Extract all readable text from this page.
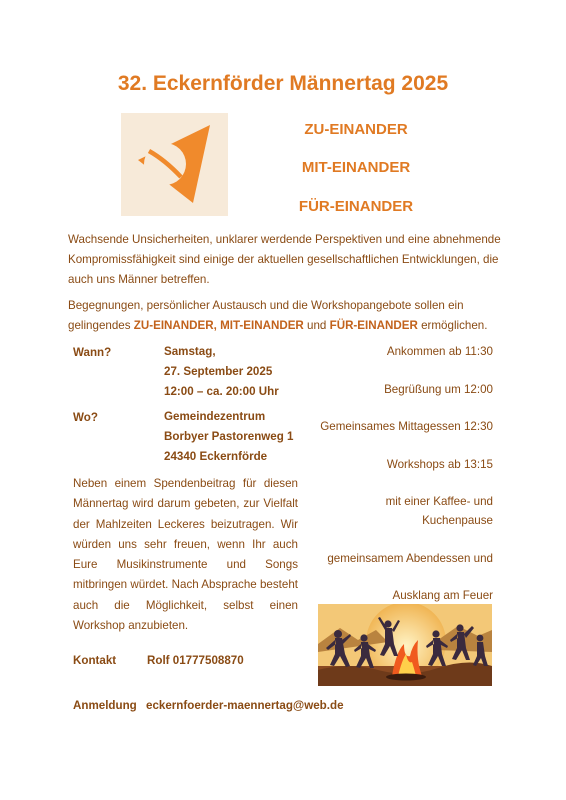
32. Eckernförder Männertag 2025
ZU-EINANDER
MIT-EINANDER
FÜR-EINANDER
Wachsende Unsicherheiten, unklarer werdende Perspektiven und eine abnehmende Kompromissfähigkeit sind einige der aktuellen gesellschaftlichen Entwicklungen, die auch uns Männer betreffen.
Begegnungen, persönlicher Austausch und die Workshopangebote sollen ein gelingendes ZU-EINANDER, MIT-EINANDER und FÜR-EINANDER ermöglichen.
Wann?	Samstag,
27. September 2025
12:00 – ca. 20:00 Uhr
Wo?	Gemeindezentrum
Borbyer Pastorenweg 1
24340 Eckernförde
Ankommen ab 11:30
Begrüßung um 12:00
Gemeinsames Mittagessen 12:30
Workshops ab 13:15
mit einer Kaffee- und
Kuchenpause
gemeinsamem Abendessen und
Ausklang am Feuer
Neben einem Spendenbeitrag für diesen Männertag wird darum gebeten, zur Vielfalt der Mahlzeiten Leckeres beizutragen. Wir würden uns sehr freuen, wenn Ihr auch Eure Musikinstrumente und Songs mitbringen würdet. Nach Absprache besteht auch die Möglichkeit, selbst einen Workshop anzubieten.
Kontakt	Rolf 01777508870
Anmeldung eckernfoerder-maennertag@web.de
